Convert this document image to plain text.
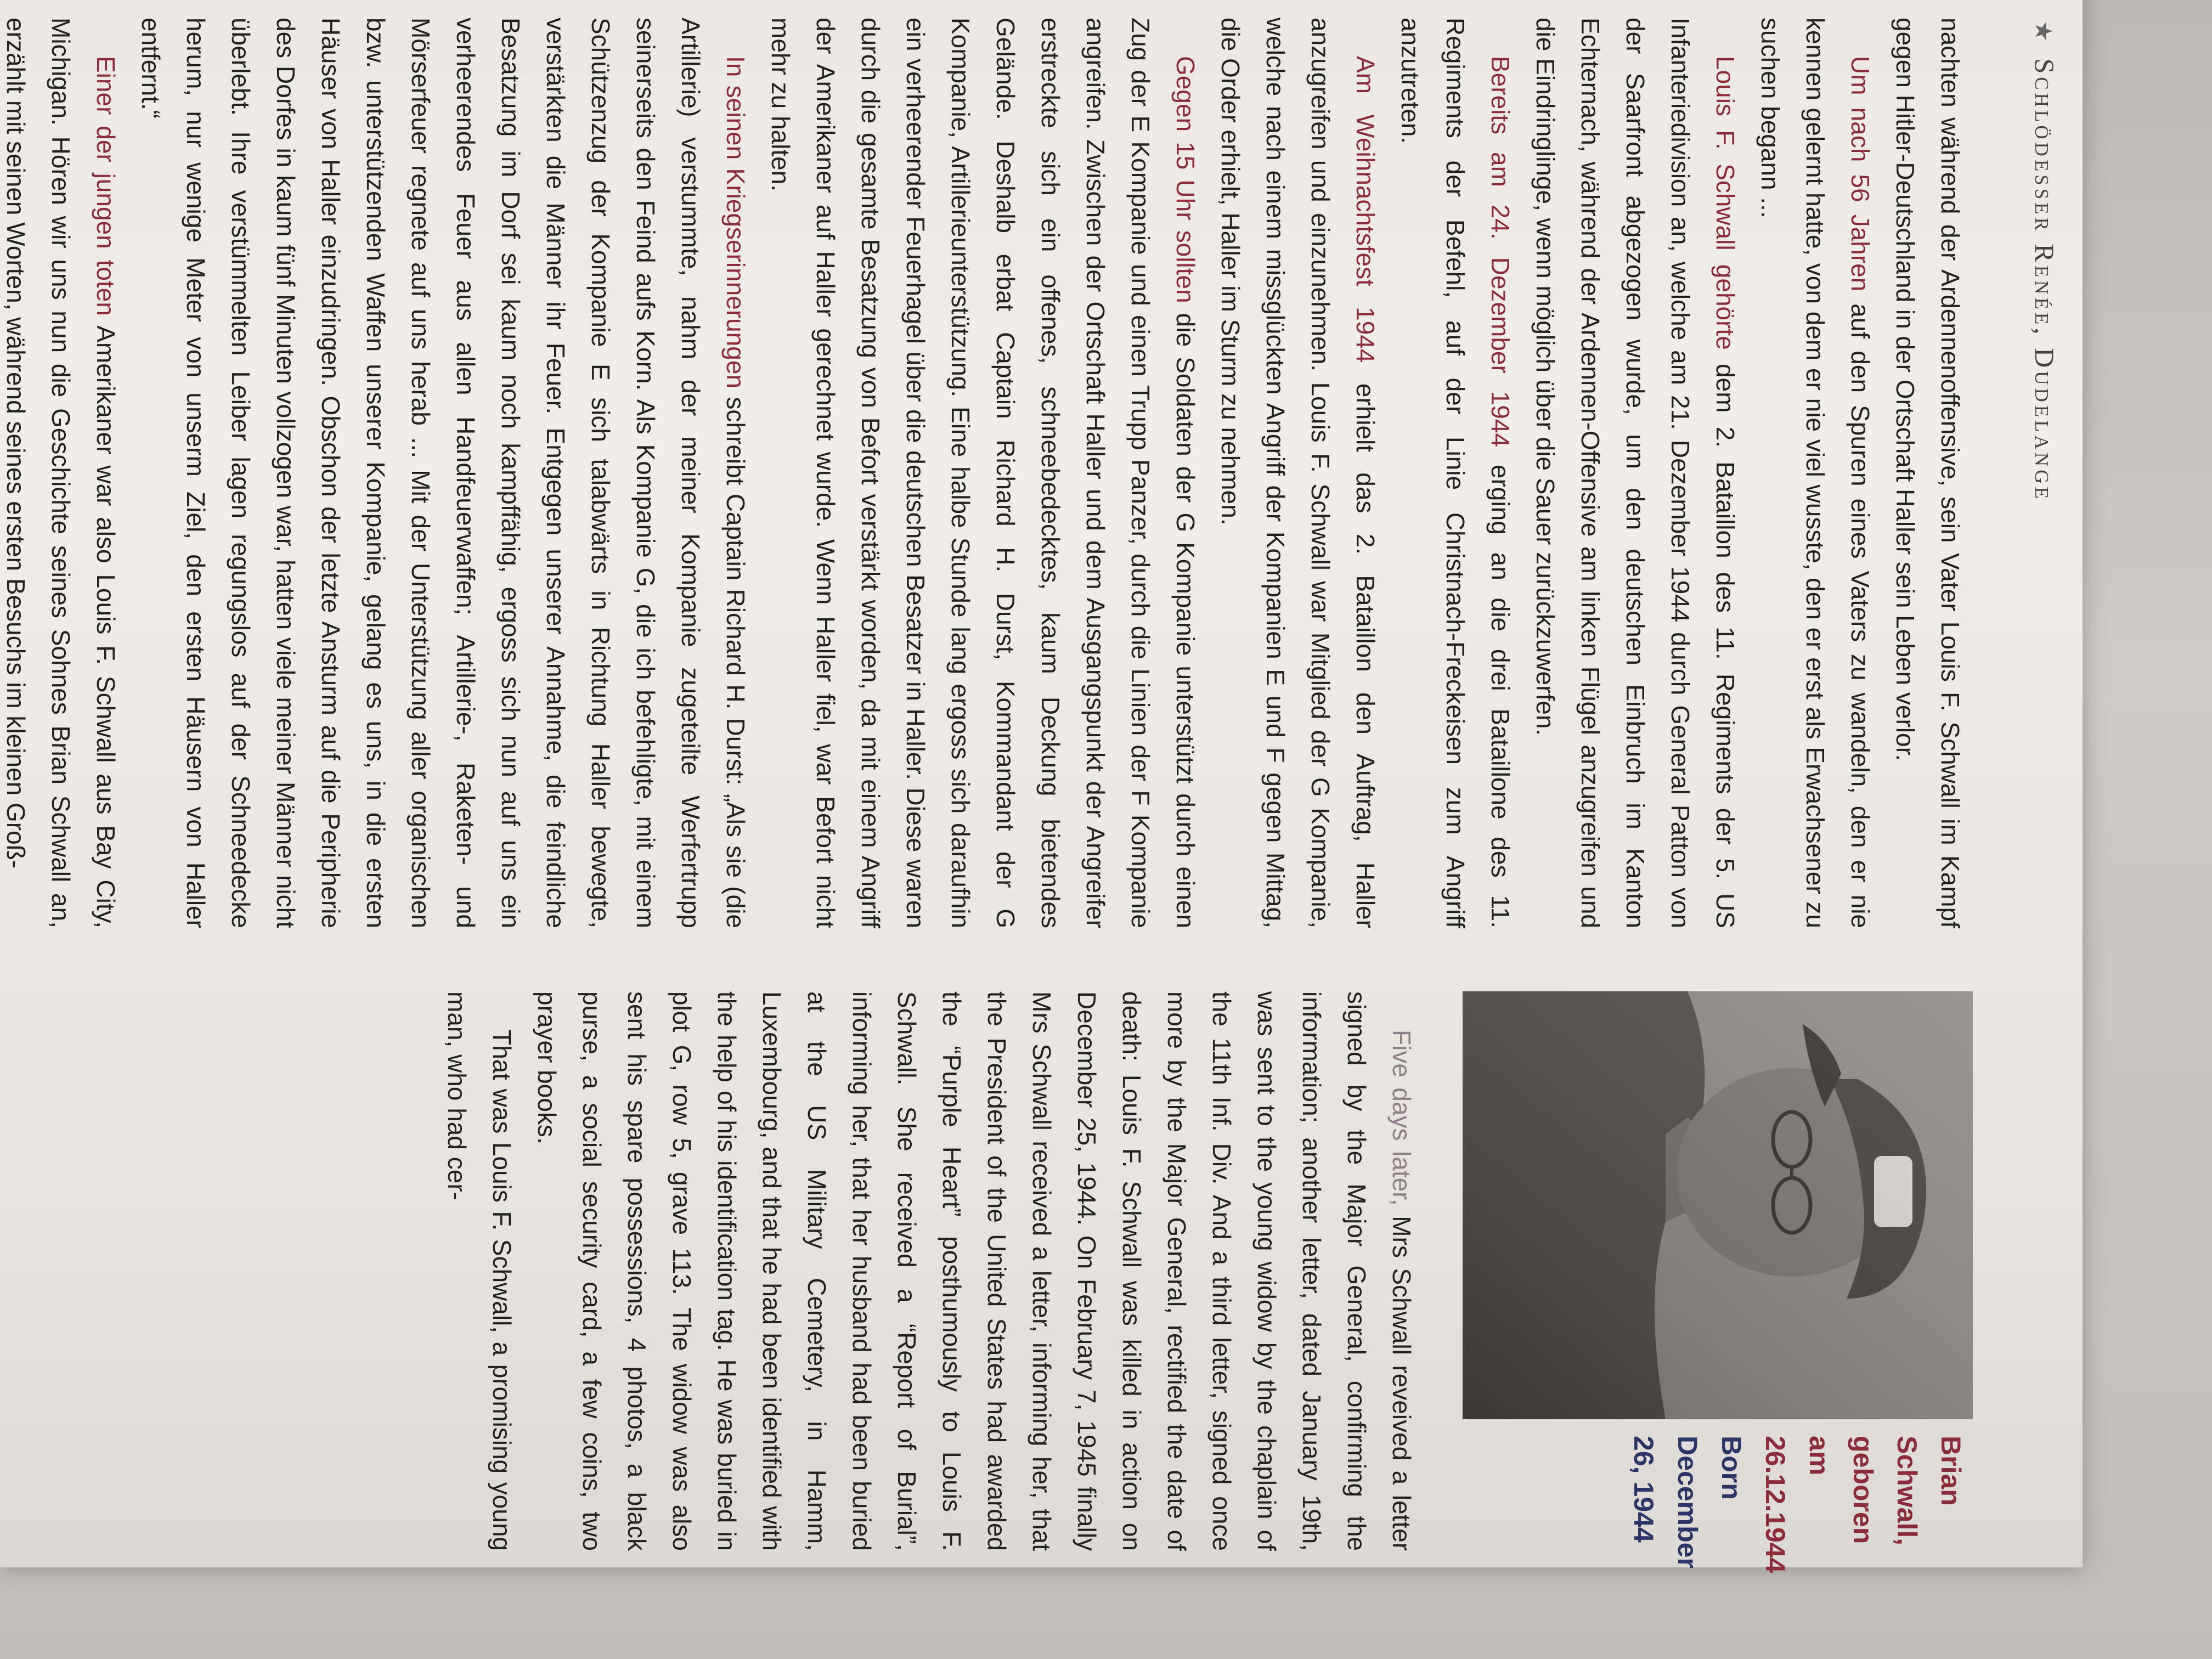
★Schlödesser Renée, Dudelange

nachten während der Ardennenoffensive, sein Vater Louis F. Schwall im Kampf gegen Hitler-Deutschland in der Ortschaft Haller sein Leben verlor.

Um nach 56 Jahren auf den Spuren eines Vaters zu wandeln, den er nie kennen gelernt hatte, von dem er nie viel wusste, den er erst als Erwachsener zu suchen begann ...

Louis F. Schwall gehörte dem 2. Bataillon des 11. Regiments der 5. US Infanteriedivision an, welche am 21. Dezember 1944 durch General Patton von der Saarfront abgezogen wurde, um den deutschen Einbruch im Kanton Echternach, während der Ardennen-Offensive am linken Flügel anzugreifen und die Eindringlinge, wenn möglich über die Sauer zurückzuwerfen.

Bereits am 24. Dezember 1944 erging an die drei Bataillone des 11. Regiments der Befehl, auf der Linie Christnach-Freckeisen zum Angriff anzutreten.

Am Weihnachtsfest 1944 erhielt das 2. Bataillon den Auftrag, Haller anzugreifen und einzunehmen. Louis F. Schwall war Mitglied der G Kompanie, welche nach einem missglückten Angriff der Kompanien E und F gegen Mittag, die Order erhielt, Haller im Sturm zu nehmen.

Gegen 15 Uhr sollten die Soldaten der G Kompanie unterstützt durch einen Zug der E Kompanie und einen Trupp Panzer, durch die Linien der F Kompanie angreifen. Zwischen der Ortschaft Haller und dem Ausgangspunkt der Angreifer erstreckte sich ein offenes, schneebedecktes, kaum Deckung bietendes Gelände. Deshalb erbat Captain Richard H. Durst, Kommandant der G Kompanie, Artillerieunterstützung. Eine halbe Stunde lang ergoss sich daraufhin ein verheerender Feuerhagel über die deutschen Besatzer in Haller. Diese waren durch die gesamte Besatzung von Befort verstärkt worden, da mit einem Angriff der Amerikaner auf Haller gerechnet wurde. Wenn Haller fiel, war Befort nicht mehr zu halten.

In seinen Kriegserinnerungen schreibt Captain Richard H. Durst: „Als sie (die Artillerie) verstummte, nahm der meiner Kompanie zugeteilte Werfertrupp seinerseits den Feind aufs Korn. Als Kompanie G, die ich befehligte, mit einem Schützenzug der Kompanie E sich talabwärts in Richtung Haller bewegte, verstärkten die Männer ihr Feuer. Entgegen unserer Annahme, die feindliche Besatzung im Dorf sei kaum noch kampffähig, ergoss sich nun auf uns ein verheerendes Feuer aus allen Handfeuerwaffen; Artillerie-, Raketen- und Mörserfeuer regnete auf uns herab ... Mit der Unterstützung aller organischen bzw. unterstützenden Waffen unserer Kompanie, gelang es uns, in die ersten Häuser von Haller einzudringen. Obschon der letzte Ansturm auf die Peripherie des Dorfes in kaum fünf Minuten vollzogen war, hatten viele meiner Männer nicht überlebt. Ihre verstümmelten Leiber lagen regungslos auf der Schneedecke herum, nur wenige Meter von unserm Ziel, den ersten Häusern von Haller entfernt.“

Einer der jungen toten Amerikaner war also Louis F. Schwall aus Bay City, Michigan. Hören wir uns nun die Geschichte seines Sohnes Brian Schwall an, erzählt mit seinen Worten, während seines ersten Besuchs im kleinen Groß-

Brian Schwall,
geboren am 26.12.1944
Born December 26, 1944

Five days later, Mrs Schwall reveived a letter signed by the Major General, confirming the information; another letter, dated January 19th, was sent to the young widow by the chaplain of the 11th Inf. Div. And a third letter, signed once more by the Major General, rectified the date of death: Louis F. Schwall was killed in action on December 25, 1944. On February 7, 1945 finally Mrs Schwall received a letter, informing her, that the President of the United States had awarded the “Purple Heart” posthumously to Louis F. Schwall. She received a “Report of Burial”, informing her, that her husband had been buried at the US Military Cemetery, in Hamm, Luxembourg, and that he had been identified with the help of his identification tag. He was buried in plot G, row 5, grave 113. The widow was also sent his spare possessions, 4 photos, a black purse, a social security card, a few coins, two prayer books.

That was Louis F. Schwall, a promising young man, who had cer-
